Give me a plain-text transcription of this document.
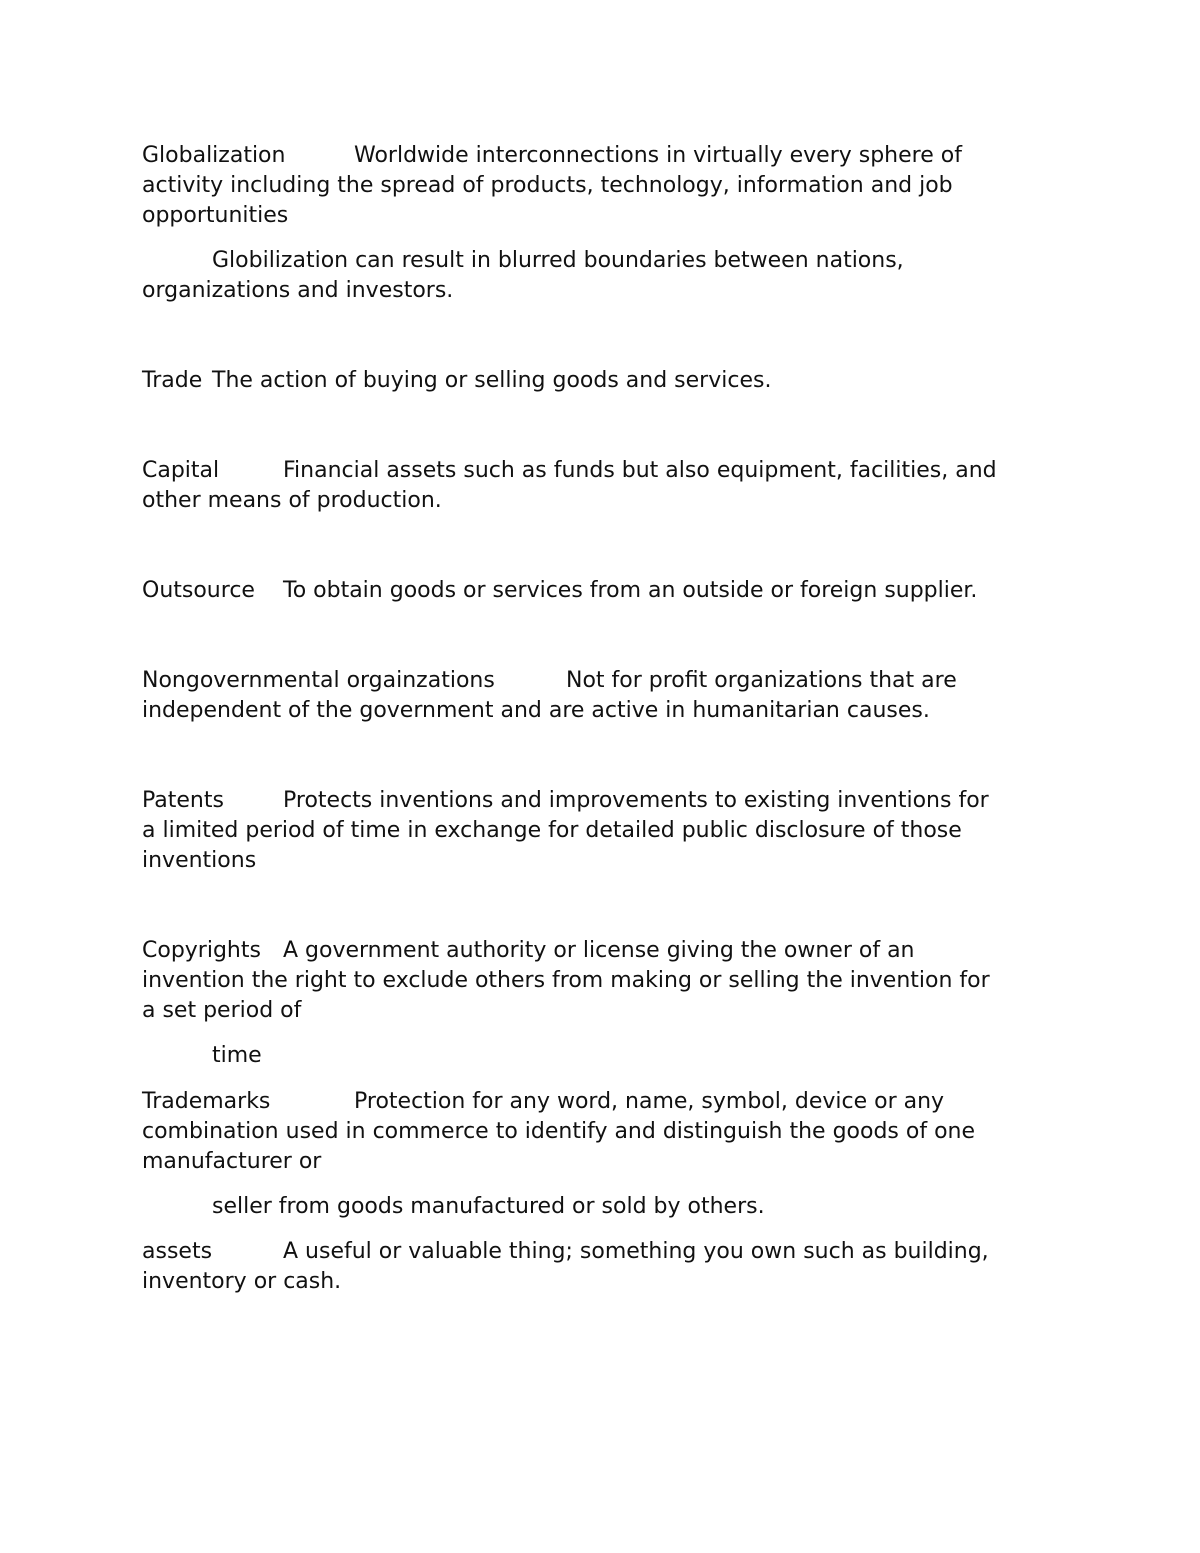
Globalization	Worldwide interconnections in virtually every sphere of
activity including the spread of products, technology, information and job
opportunities
Globilization can result in blurred boundaries between nations,
organizations and investors.
Trade The action of buying or selling goods and services.
Capital	Financial assets such as funds but also equipment, facilities, and
other means of production.
Outsource To obtain goods or services from an outside or foreign supplier.
Nongovernmental orgainzations	Not for profit organizations that are
independent of the government and are active in humanitarian causes.
Patents	Protects inventions and improvements to existing inventions for
a limited period of time in exchange for detailed public disclosure of those
inventions
Copyrights A government authority or license giving the owner of an
invention the right to exclude others from making or selling the invention for
a set period of
time
Trademarks	Protection for any word, name, symbol, device or any
combination used in commerce to identify and distinguish the goods of one
manufacturer or
seller from goods manufactured or sold by others.
assets	A useful or valuable thing; something you own such as building,
inventory or cash.
